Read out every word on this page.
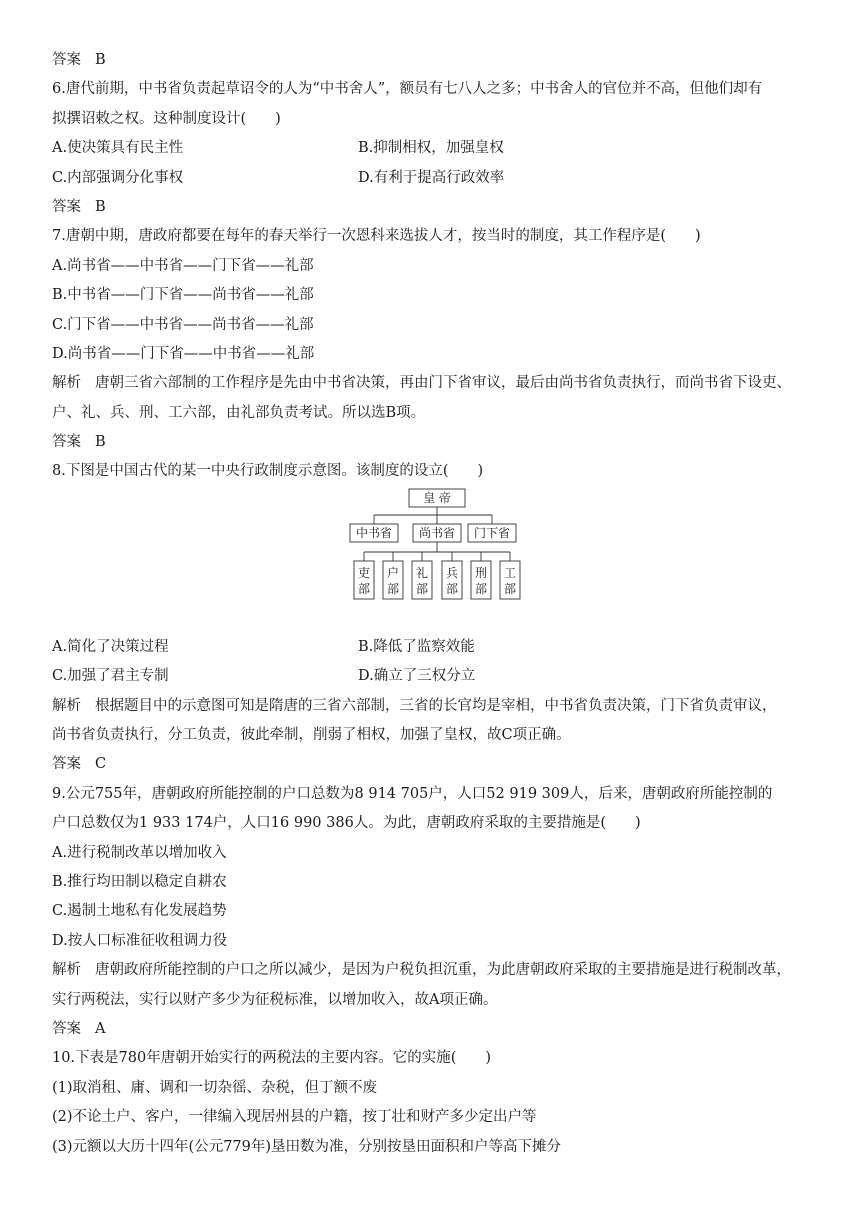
答案 B
6.唐代前期，中书省负责起草诏令的人为“中书舍人”，额员有七八人之多；中书舍人的官位并不高，但他们却有
拟撰诏敕之权。这种制度设计(　　)
A.使决策具有民主性	B.抑制相权，加强皇权
C.内部强调分化事权	D.有利于提高行政效率
答案 B
7.唐朝中期，唐政府都要在每年的春天举行一次恩科来选拔人才，按当时的制度，其工作程序是(　　)
A.尚书省——中书省——门下省——礼部
B.中书省——门下省——尚书省——礼部
C.门下省——中书省——尚书省——礼部
D.尚书省——门下省——中书省——礼部
解析 唐朝三省六部制的工作程序是先由中书省决策，再由门下省审议，最后由尚书省负责执行，而尚书省下设吏、
户、礼、兵、刑、工六部，由礼部负责考试。所以选B项。
答案 B
8.下图是中国古代的某一中央行政制度示意图。该制度的设立(　　)
皇 帝
中书省 尚书省 门下省
吏
部
户
部
礼
部
兵
部
刑
部
工
部
A.简化了决策过程	B.降低了监察效能
C.加强了君主专制	D.确立了三权分立
解析 根据题目中的示意图可知是隋唐的三省六部制，三省的长官均是宰相，中书省负责决策，门下省负责审议，
尚书省负责执行，分工负责，彼此牵制，削弱了相权，加强了皇权，故C项正确。
答案 C
9.公元755年，唐朝政府所能控制的户口总数为8 914 705户，人口52 919 309人，后来，唐朝政府所能控制的
户口总数仅为1 933 174户，人口16 990 386人。为此，唐朝政府采取的主要措施是(　　)
A.进行税制改革以增加收入
B.推行均田制以稳定自耕农
C.遏制土地私有化发展趋势
D.按人口标准征收租调力役
解析 唐朝政府所能控制的户口之所以减少，是因为户税负担沉重，为此唐朝政府采取的主要措施是进行税制改革，
实行两税法，实行以财产多少为征税标准，以增加收入，故A项正确。
答案 A
10.下表是780年唐朝开始实行的两税法的主要内容。它的实施(　　)
(1)取消租、庸、调和一切杂徭、杂税，但丁额不废
(2)不论土户、客户，一律编入现居州县的户籍，按丁壮和财产多少定出户等
(3)元额以大历十四年(公元779年)垦田数为准，分别按垦田面积和户等高下摊分
